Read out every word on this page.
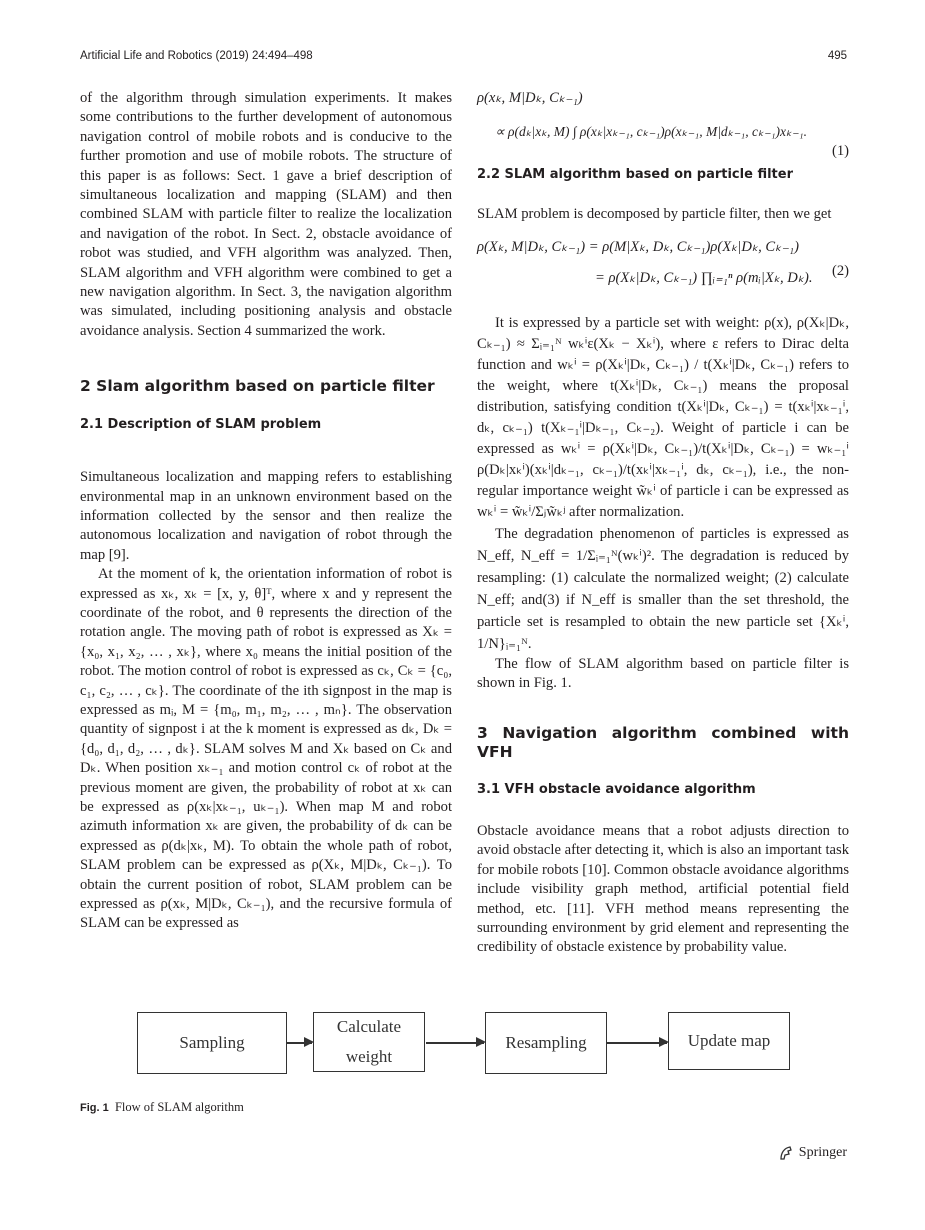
Artificial Life and Robotics (2019) 24:494–498	495

of the algorithm through simulation experiments. It makes some contributions to the further development of autonomous navigation control of mobile robots and is conducive to the further promotion and use of mobile robots. The structure of this paper is as follows: Sect. 1 gave a brief description of simultaneous localization and mapping (SLAM) and then combined SLAM with particle filter to realize the localization and navigation of the robot. In Sect. 2, obstacle avoidance of robot was studied, and VFH algorithm was analyzed. Then, SLAM algorithm and VFH algorithm were combined to get a new navigation algorithm. In Sect. 3, the navigation algorithm was simulated, including positioning analysis and obstacle avoidance analysis. Section 4 summarized the work.

2 Slam algorithm based on particle filter

2.1 Description of SLAM problem

Simultaneous localization and mapping refers to establishing environmental map in an unknown environment based on the information collected by the sensor and then realize the autonomous localization and navigation of robot through the map [9].

At the moment of k, the orientation information of robot is expressed as xₖ, xₖ = [x, y, θ]ᵀ, where x and y represent the coordinate of the robot, and θ represents the direction of the rotation angle. The moving path of robot is expressed as Xₖ = {x₀, x₁, x₂, … , xₖ}, where x₀ means the initial position of the robot. The motion control of robot is expressed as cₖ, Cₖ = {c₀, c₁, c₂, … , cₖ}. The coordinate of the ith signpost in the map is expressed as mᵢ, M = {m₀, m₁, m₂, … , mₙ}. The observation quantity of signpost i at the k moment is expressed as dₖ, Dₖ = {d₀, d₁, d₂, … , dₖ}. SLAM solves M and Xₖ based on Cₖ and Dₖ. When position xₖ₋₁ and motion control cₖ of robot at the previous moment are given, the probability of robot at xₖ can be expressed as ρ(xₖ|xₖ₋₁, uₖ₋₁). When map M and robot azimuth information xₖ are given, the probability of dₖ can be expressed as ρ(dₖ|xₖ, M). To obtain the whole path of robot, SLAM problem can be expressed as ρ(Xₖ, M|Dₖ, Cₖ₋₁). To obtain the current position of robot, SLAM problem can be expressed as ρ(xₖ, M|Dₖ, Cₖ₋₁), and the recursive formula of SLAM can be expressed as

ρ(xₖ, M|Dₖ, Cₖ₋₁)
∝ ρ(dₖ|xₖ, M) ∫ ρ(xₖ|xₖ₋₁, cₖ₋₁)ρ(xₖ₋₁, M|dₖ₋₁, cₖ₋₁)xₖ₋₁.
(1)

2.2 SLAM algorithm based on particle filter

SLAM problem is decomposed by particle filter, then we get

ρ(Xₖ, M|Dₖ, Cₖ₋₁) = ρ(M|Xₖ, Dₖ, Cₖ₋₁)ρ(Xₖ|Dₖ, Cₖ₋₁)
= ρ(Xₖ|Dₖ, Cₖ₋₁) ∏ᵢ₌₁ⁿ ρ(mᵢ|Xₖ, Dₖ).	(2)

It is expressed by a particle set with weight: ρ(x), ρ(Xₖ|Dₖ, Cₖ₋₁) ≈ Σᵢ₌₁ᴺ wₖⁱε(Xₖ − Xₖⁱ), where ε refers to Dirac delta function and wₖⁱ = ρ(Xₖⁱ|Dₖ, Cₖ₋₁) / t(Xₖⁱ|Dₖ, Cₖ₋₁) refers to the weight, where t(Xₖⁱ|Dₖ, Cₖ₋₁) means the proposal distribution, satisfying condition t(Xₖⁱ|Dₖ, Cₖ₋₁) = t(xₖⁱ|xₖ₋₁ⁱ, dₖ, cₖ₋₁) t(Xₖ₋₁ⁱ|Dₖ₋₁, Cₖ₋₂). Weight of particle i can be expressed as wₖⁱ = ρ(Xₖⁱ|Dₖ, Cₖ₋₁)/t(Xₖⁱ|Dₖ, Cₖ₋₁) = wₖ₋₁ⁱ ρ(Dₖ|xₖⁱ)(xₖⁱ|dₖ₋₁, cₖ₋₁)/t(xₖⁱ|xₖ₋₁ⁱ, dₖ, cₖ₋₁), i.e., the non-regular importance weight w̃ₖⁱ of particle i can be expressed as wₖⁱ = w̃ₖⁱ/Σⱼw̃ₖʲ after normalization.

The degradation phenomenon of particles is expressed as N_eff, N_eff = 1/Σᵢ₌₁ᴺ(wₖⁱ)². The degradation is reduced by resampling: (1) calculate the normalized weight; (2) calculate N_eff; and(3) if N_eff is smaller than the set threshold, the particle set is resampled to obtain the new particle set {Xₖⁱ, 1/N}ᵢ₌₁ᴺ.

The flow of SLAM algorithm based on particle filter is shown in Fig. 1.

3 Navigation algorithm combined with VFH

3.1 VFH obstacle avoidance algorithm

Obstacle avoidance means that a robot adjusts direction to avoid obstacle after detecting it, which is also an important task for mobile robots [10]. Common obstacle avoidance algorithms include visibility graph method, artificial potential field method, etc. [11]. VFH method means representing the surrounding environment by grid element and representing the credibility of obstacle existence by probability value.

Sampling
Calculate weight
Resampling	Update map
Fig. 1 Flow of SLAM algorithm
Springer
